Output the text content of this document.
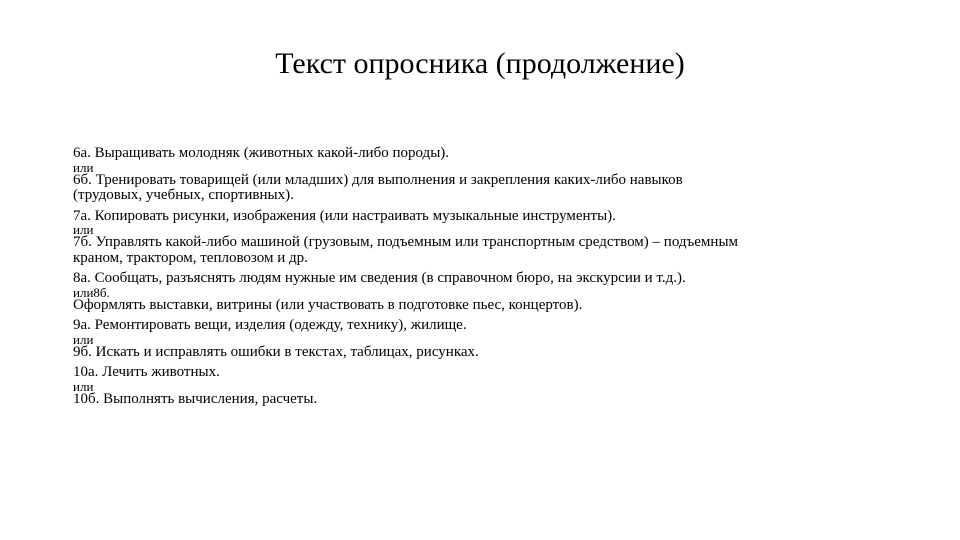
Текст опросника (продолжение)
6а. Выращивать молодняк (животных какой-либо породы).
или
6б. Тренировать товарищей (или младших) для выполнения и закрепления каких-либо навыков
(трудовых, учебных, спортивных).
7а. Копировать рисунки, изображения (или настраивать музыкальные инструменты).
или
7б. Управлять какой-либо машиной (грузовым, подъемным или транспортным средством) – подъемным
краном, трактором, тепловозом и др.
8а. Сообщать, разъяснять людям нужные им сведения (в справочном бюро, на экскурсии и т.д.).
или8б.
Оформлять выставки, витрины (или участвовать в подготовке пьес, концертов).
9а. Ремонтировать вещи, изделия (одежду, технику), жилище.
или
9б. Искать и исправлять ошибки в текстах, таблицах, рисунках.
10а. Лечить животных.
или
10б. Выполнять вычисления, расчеты.
